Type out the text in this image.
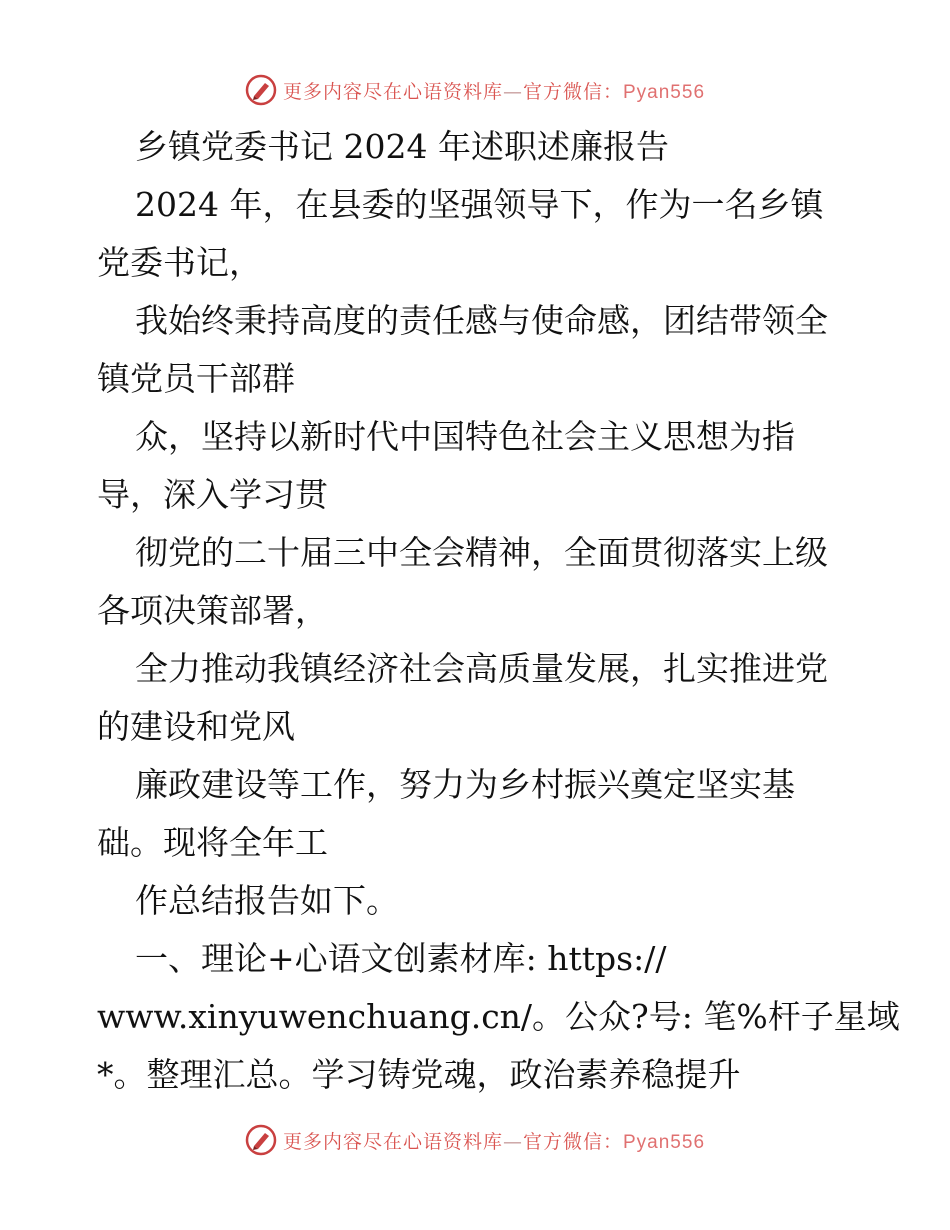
更多内容尽在心语资料库—官方微信：Pyan556
乡镇党委书记 2024 年述职述廉报告
2024 年，在县委的坚强领导下，作为一名乡镇
党委书记，
我始终秉持高度的责任感与使命感，团结带领全
镇党员干部群
众，坚持以新时代中国特色社会主义思想为指
导，深入学习贯
彻党的二十届三中全会精神，全面贯彻落实上级
各项决策部署，
全力推动我镇经济社会高质量发展，扎实推进党
的建设和党风
廉政建设等工作，努力为乡村振兴奠定坚实基
础。现将全年工
作总结报告如下。
一、理论+心语文创素材库: https://
www.xinyuwenchuang.cn/。公众?号: 笔%杆子星域
*。整理汇总。学习铸党魂，政治素养稳提升
更多内容尽在心语资料库—官方微信：Pyan556
